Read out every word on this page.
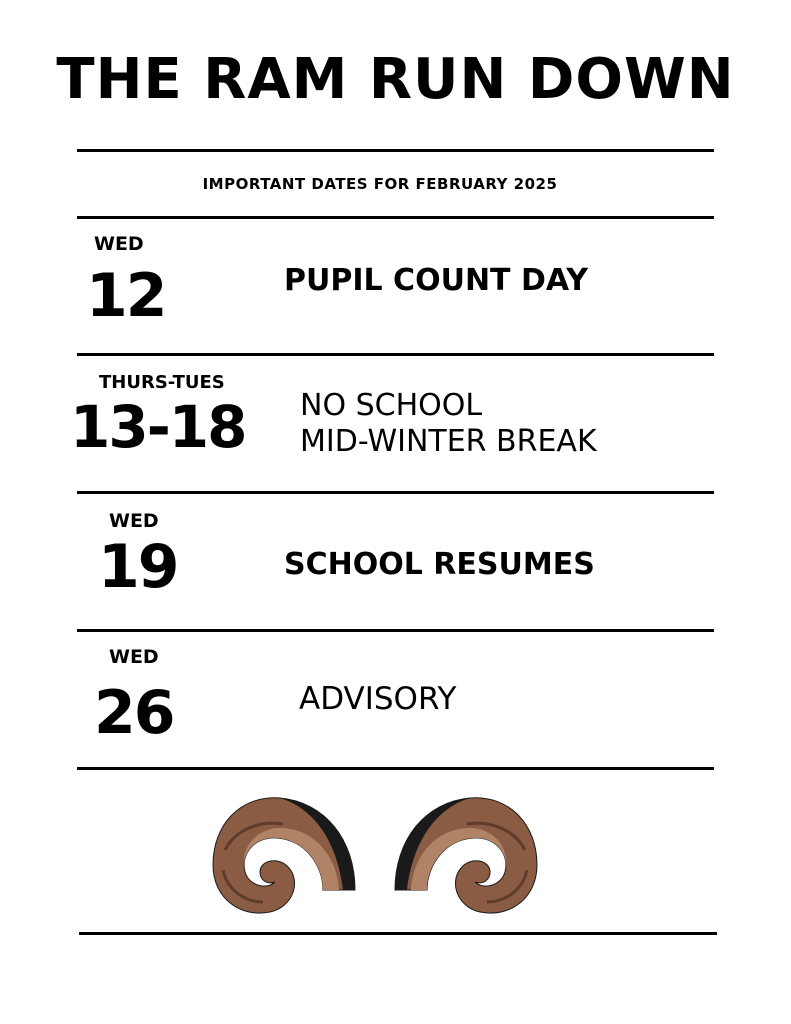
THE RAM RUN DOWN
IMPORTANT DATES FOR FEBRUARY 2025
WED
12	PUPIL COUNT DAY
THURS-TUES
13-18 NO SCHOOL
MID-WINTER BREAK
WED
19	SCHOOL RESUMES
WED
26	ADVISORY
